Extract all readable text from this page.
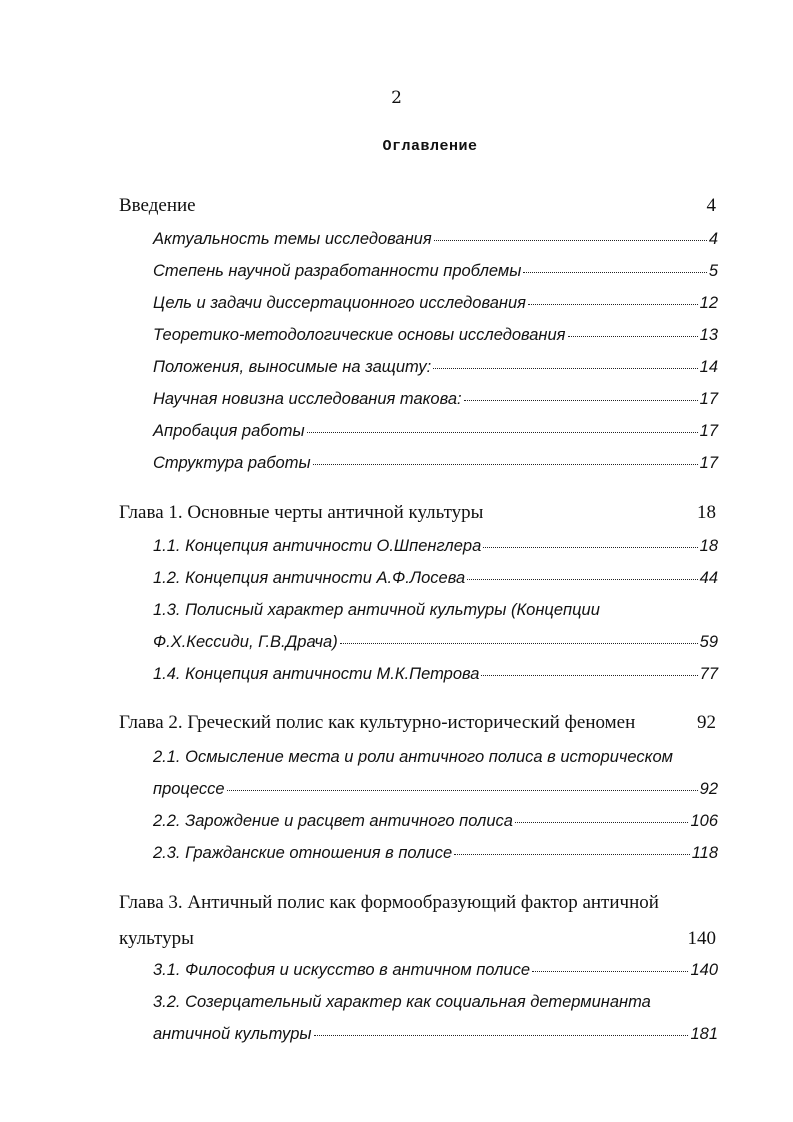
2
Оглавление
Введение	4
Актуальность темы исследования	4
Степень научной разработанности проблемы	5
Цель и задачи диссертационного исследования	12
Теоретико-методологические основы исследования	13
Положения, выносимые на защиту:	14
Научная новизна исследования такова:	17
Апробация работы	17
Структура работы	17
Глава 1. Основные черты античной культуры	18
1.1. Концепция античности О.Шпенглера	18
1.2. Концепция античности А.Ф.Лосева	44
1.3. Полисный характер античной культуры (Концепции
Ф.Х.Кессиди, Г.В.Драча)	59
1.4. Концепция античности М.К.Петрова	77
Глава 2. Греческий полис как культурно-исторический феномен	92
2.1. Осмысление места и роли античного полиса в историческом
процессе	92
2.2. Зарождение и расцвет античного полиса	106
2.3. Гражданские отношения в полисе	118
Глава 3. Античный полис как формообразующий фактор античной
культуры	140
3.1. Философия и искусство в античном полисе	140
3.2. Созерцательный характер как социальная детерминанта
античной культуры	181
